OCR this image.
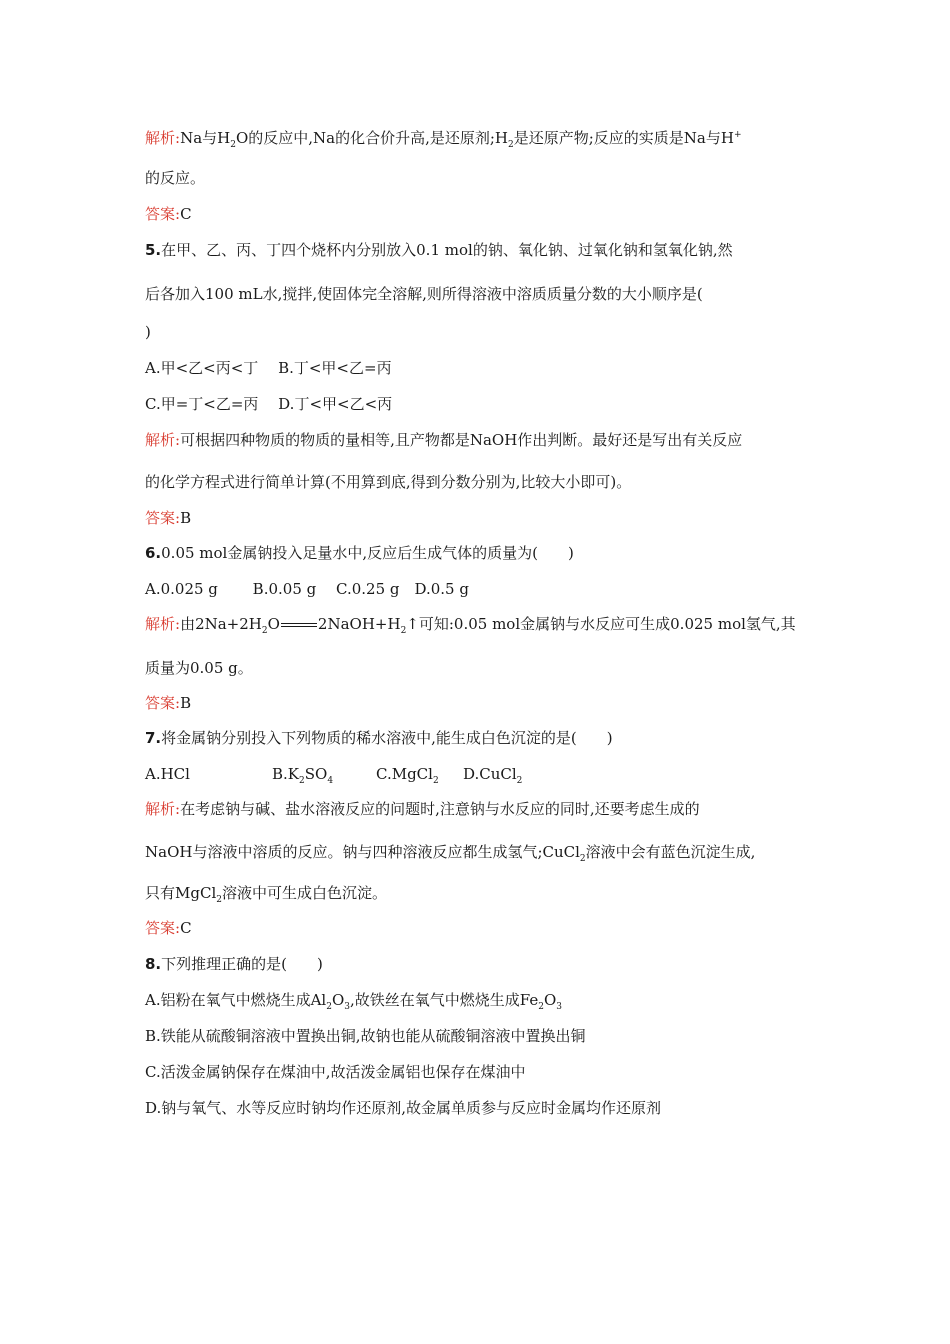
解析:Na与$H_2O$的反应中,Na的化合价升高,是还原剂$;H_2$是还原产物;反应的实质是Na与H+
的反应。
答案:C
5.在甲、乙、丙、丁四个烧杯内分别放入0.1 mol的钠、氧化钠、过氧化钠和氢氧化钠,然
后各加入100 mL水,搅拌,使固体完全溶解,则所得溶液中溶质质量分数的大小顺序是(
)
A.甲<乙<丙<丁　 B.丁<甲<乙=丙
C.甲=丁<乙=丙　 D.丁<甲<乙<丙
解析:可根据四种物质的物质的量相等,且产物都是NaOH作出判断。最好还是写出有关反应
的化学方程式进行简单计算(不用算到底,得到分数分别为,比较大小即可)。
答案:B
6.0.05 mol金属钠投入足量水中,反应后生成气体的质量为(　　)
A.0.025 g　　 B.0.05 g　 C.0.25 g　D.0.5 g
解析:由$2Na+2H_2O$	$2NaOH+H_2↑$可知:0.05 mol金属钠与水反应可生成0.025 mol氢气,其
质量为0.05 g。
答案:B
7.将金属钠分别投入下列物质的稀水溶液中,能生成白色沉淀的是(　　)
A.HCl	$B.K_2SO_4$	C.MgCl$_2$ D.CuCl$_2$
解析:在考虑钠与碱、盐水溶液反应的问题时,注意钠与水反应的同时,还要考虑生成的
NaOH与溶液中溶质的反应。钠与四种溶液反应都生成氢气;CuCl$_2$溶液中会有蓝色沉淀生成,
只有MgCl$_2$溶液中可生成白色沉淀。
答案:C
8.下列推理正确的是(　　)
A.铝粉在氧气中燃烧生成$Al_2O_3$,故铁丝在氧气中燃烧生成$Fe_2O_3$
B.铁能从硫酸铜溶液中置换出铜,故钠也能从硫酸铜溶液中置换出铜
C.活泼金属钠保存在煤油中,故活泼金属铝也保存在煤油中
D.钠与氧气、水等反应时钠均作还原剂,故金属单质参与反应时金属均作还原剂
